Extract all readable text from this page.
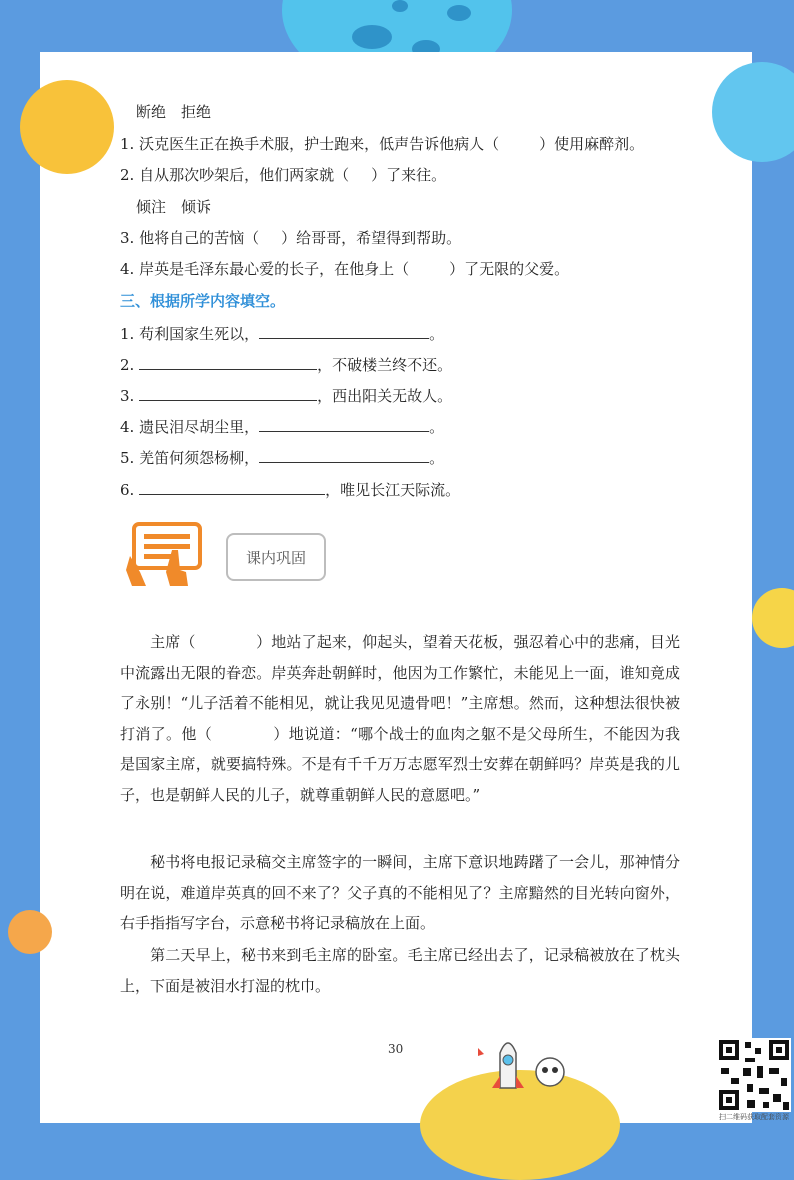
断绝　拒绝
1. 沃克医生正在换手术服，护士跑来，低声告诉他病人（	）使用麻醉剂。
2. 自从那次吵架后，他们两家就（ ）了来往。
倾注　倾诉
3. 他将自己的苦恼（ ）给哥哥，希望得到帮助。
4. 岸英是毛泽东最心爱的长子，在他身上（	）了无限的父爱。
三、根据所学内容填空。
1. 苟利国家生死以，	。
2.	，不破楼兰终不还。
3.	，西出阳关无故人。
4. 遗民泪尽胡尘里，	。
5. 羌笛何须怨杨柳，	。
6.	，唯见长江天际流。
课内巩固
主席（　　　　）地站了起来，仰起头，望着天花板，强忍着心中的悲痛，目光中流露出无限的眷恋。岸英奔赴朝鲜时，他因为工作繁忙，未能见上一面，谁知竟成了永别！“儿子活着不能相见，就让我见见遗骨吧！”主席想。然而，这种想法很快被打消了。他（　　　　）地说道：“哪个战士的血肉之躯不是父母所生，不能因为我是国家主席，就要搞特殊。不是有千千万万志愿军烈士安葬在朝鲜吗？岸英是我的儿子，也是朝鲜人民的儿子，就尊重朝鲜人民的意愿吧。”
秘书将电报记录稿交主席签字的一瞬间，主席下意识地踌躇了一会儿，那神情分明在说，难道岸英真的回不来了？父子真的不能相见了？主席黯然的目光转向窗外，右手指指写字台，示意秘书将记录稿放在上面。
第二天早上，秘书来到毛主席的卧室。毛主席已经出去了，记录稿被放在了枕头上，下面是被泪水打湿的枕巾。
30
扫二维码获取配套资源
